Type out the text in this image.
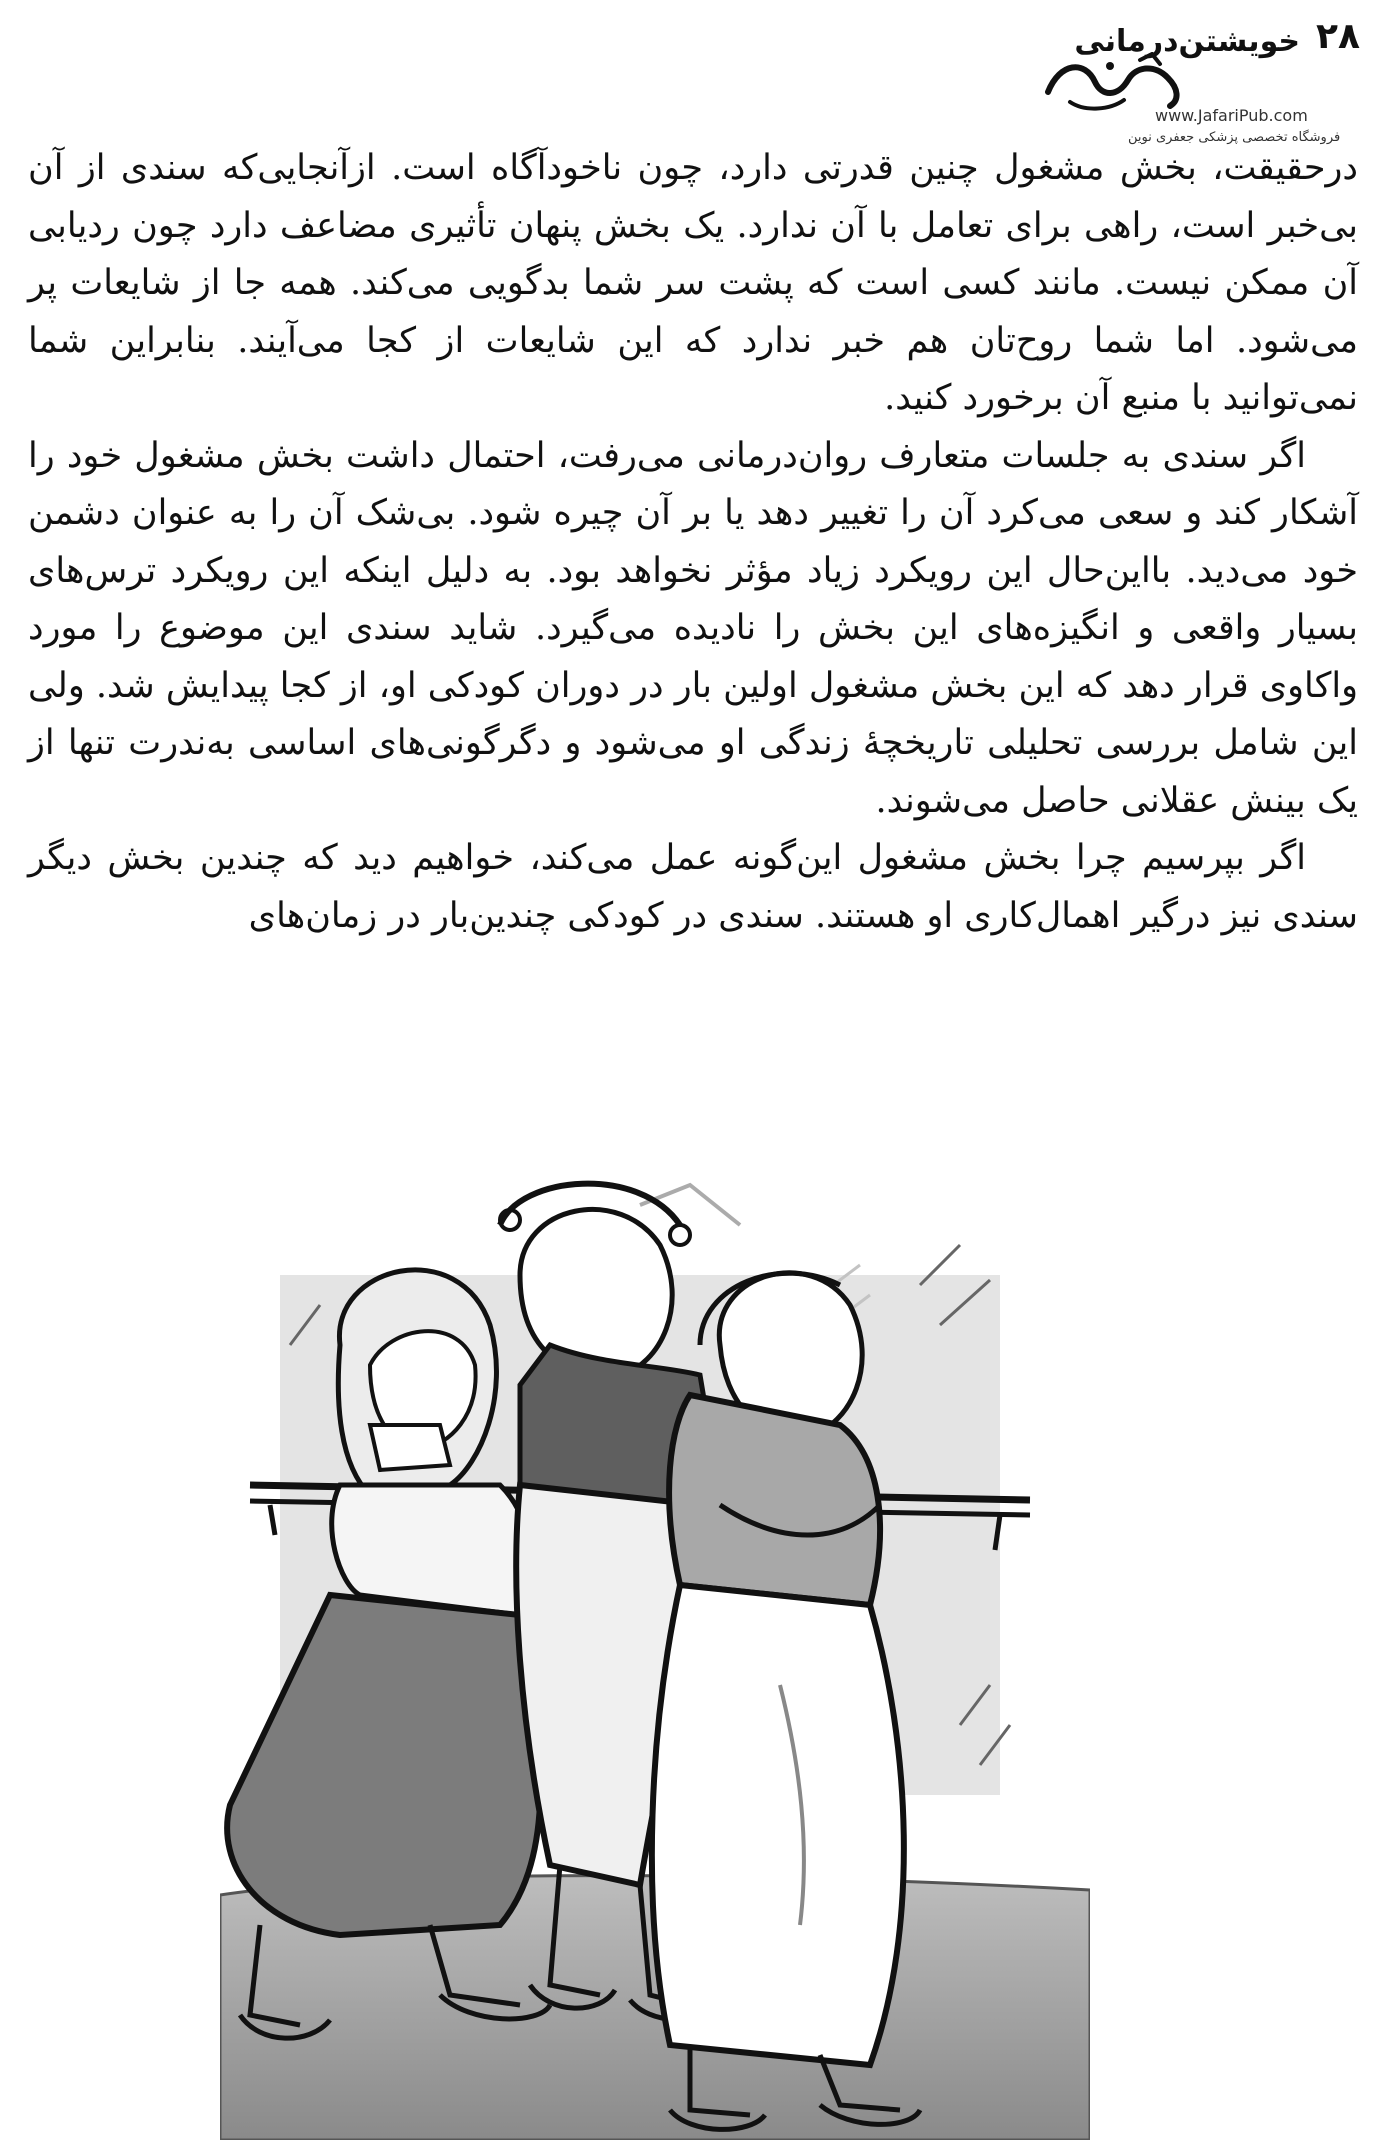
۲۸
خویشتن‌درمانی
www.JafariPub.com
فروشگاه تخصصی پزشکی جعفری نوین

درحقیقت، بخش مشغول چنین قدرتی دارد، چون ناخودآگاه است. ازآنجایی‌که سندی از آن بی‌خبر است، راهی برای تعامل با آن ندارد. یک بخش پنهان تأثیری مضاعف دارد چون ردیابی آن ممکن نیست. مانند کسی است که پشت سر شما بدگویی می‌کند. همه جا از شایعات پر می‌شود. اما شما روح‌تان هم خبر ندارد که این شایعات از کجا می‌آیند. بنابراین شما نمی‌توانید با منبع آن برخورد کنید.

اگر سندی به جلسات متعارف روان‌درمانی می‌رفت، احتمال داشت بخش مشغول خود را آشکار کند و سعی می‌کرد آن را تغییر دهد یا بر آن چیره شود. بی‌شک آن را به عنوان دشمن خود می‌دید. بااین‌حال این رویکرد زیاد مؤثر نخواهد بود. به دلیل اینکه این رویکرد ترس‌های بسیار واقعی و انگیزه‌های این بخش را نادیده می‌گیرد. شاید سندی این موضوع را مورد واکاوی قرار دهد که این بخش مشغول اولین بار در دوران کودکی او، از کجا پیدایش شد. ولی این شامل بررسی تحلیلی تاریخچهٔ زندگی او می‌شود و دگرگونی‌های اساسی به‌ندرت تنها از یک بینش عقلانی حاصل می‌شوند.

اگر بپرسیم چرا بخش مشغول این‌گونه عمل می‌کند، خواهیم دید که چندین بخش دیگر سندی نیز درگیر اهمال‌کاری او هستند. سندی در کودکی چندین‌بار در زمان‌های
